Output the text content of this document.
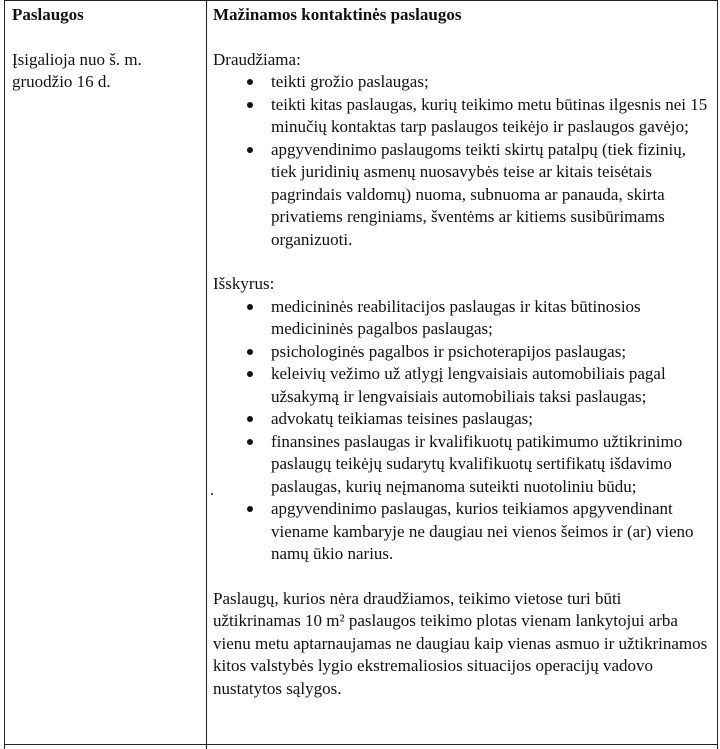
Paslaugos
Įsigalioja nuo š. m.
gruodžio 16 d.
Mažinamos kontaktinės paslaugos
Draudžiama:
teikti grožio paslaugas;
teikti kitas paslaugas, kurių teikimo metu būtinas ilgesnis nei 15 minučių kontaktas tarp paslaugos teikėjo ir paslaugos gavėjo;
apgyvendinimo paslaugoms teikti skirtų patalpų (tiek fizinių, tiek juridinių asmenų nuosavybės teise ar kitais teisėtais pagrindais valdomų) nuoma, subnuoma ar panauda, skirta privatiems renginiams, šventėms ar kitiems susibūrimams organizuoti.
Išskyrus:
medicininės reabilitacijos paslaugas ir kitas būtinosios medicininės pagalbos paslaugas;
psichologinės pagalbos ir psichoterapijos paslaugas;
keleivių vežimo už atlygį lengvaisiais automobiliais pagal užsakymą ir lengvaisiais automobiliais taksi paslaugas;
advokatų teikiamas teisines paslaugas;
finansines paslaugas ir kvalifikuotų patikimumo užtikrinimo paslaugų teikėjų sudarytų kvalifikuotų sertifikatų išdavimo paslaugas, kurių neįmanoma suteikti nuotoliniu būdu;
apgyvendinimo paslaugas, kurios teikiamos apgyvendinant viename kambaryje ne daugiau nei vienos šeimos ir (ar) vieno namų ūkio narius.
Paslaugų, kurios nėra draudžiamos, teikimo vietose turi būti užtikrinamas 10 m² paslaugos teikimo plotas vienam lankytojui arba vienu metu aptarnaujamas ne daugiau kaip vienas asmuo ir užtikrinamos kitos valstybės lygio ekstremaliosios situacijos operacijų vadovo nustatytos sąlygos.
